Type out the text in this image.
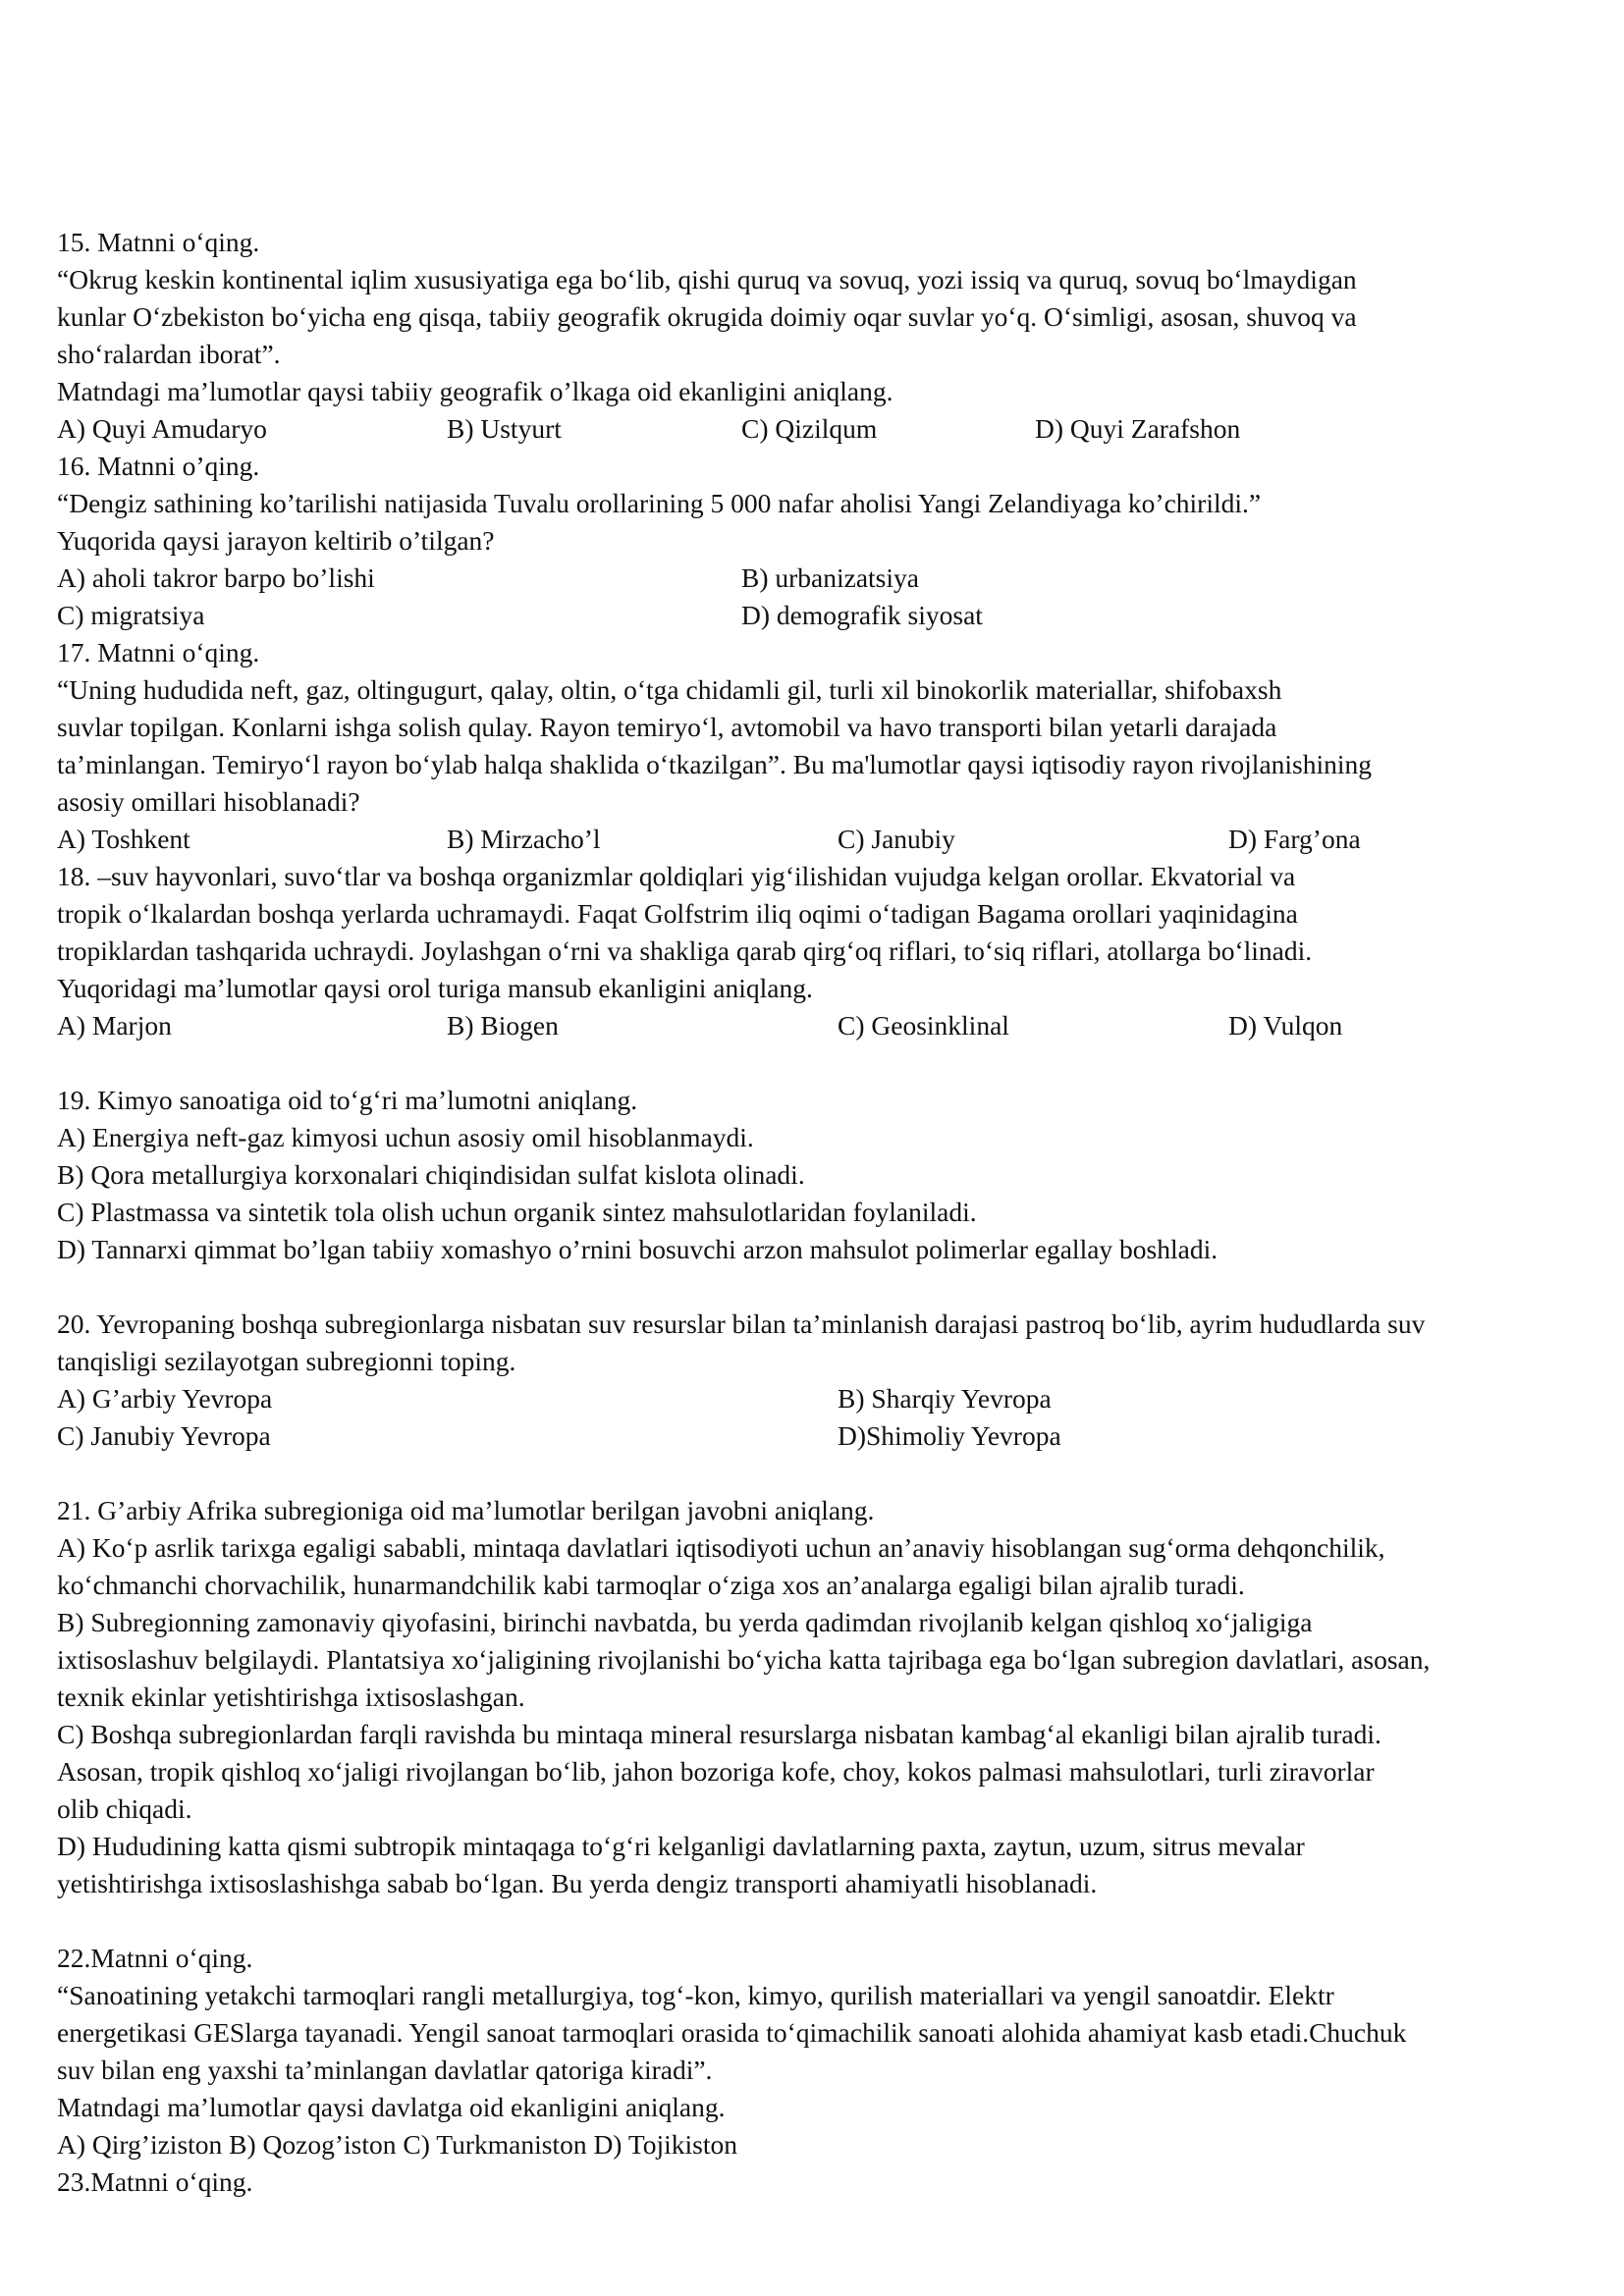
15. Matnni o‘qing.
“Okrug keskin kontinental iqlim xususiyatiga ega bo‘lib, qishi quruq va sovuq, yozi issiq va quruq, sovuq bo‘lmaydigan
kunlar O‘zbekiston bo‘yicha eng qisqa, tabiiy geografik okrugida doimiy oqar suvlar yo‘q. O‘simligi, asosan, shuvoq va
sho‘ralardan iborat”.
Matndagi ma’lumotlar qaysi tabiiy geografik o’lkaga oid ekanligini aniqlang.
A) Quyi Amudaryo	B) Ustyurt	C) Qizilqum	D) Quyi Zarafshon
16. Matnni o’qing.
“Dengiz sathining ko’tarilishi natijasida Tuvalu orollarining 5 000 nafar aholisi Yangi Zelandiyaga ko’chirildi.”
Yuqorida qaysi jarayon keltirib o’tilgan?
A) aholi takror barpo bo’lishi	B) urbanizatsiya
C) migratsiya	D) demografik siyosat
17. Matnni o‘qing.
“Uning hududida neft, gaz, oltingugurt, qalay, oltin, o‘tga chidamli gil, turli xil binokorlik materiallar, shifobaxsh
suvlar topilgan. Konlarni ishga solish qulay. Rayon temiryo‘l, avtomobil va havo transporti bilan yetarli darajada
ta’minlangan. Temiryo‘l rayon bo‘ylab halqa shaklida o‘tkazilgan”. Bu ma'lumotlar qaysi iqtisodiy rayon rivojlanishining
asosiy omillari hisoblanadi?
A) Toshkent	B) Mirzacho’l	C) Janubiy	D) Farg’ona
18. –suv hayvonlari, suvo‘tlar va boshqa organizmlar qoldiqlari yig‘ilishidan vujudga kelgan orollar. Ekvatorial va
tropik o‘lkalardan boshqa yerlarda uchramaydi. Faqat Golfstrim iliq oqimi o‘tadigan Bagama orollari yaqinidagina
tropiklardan tashqarida uchraydi. Joylashgan o‘rni va shakliga qarab qirg‘oq riflari, to‘siq riflari, atollarga bo‘linadi.
Yuqoridagi ma’lumotlar qaysi orol turiga mansub ekanligini aniqlang.
A) Marjon	B) Biogen	C) Geosinklinal	D) Vulqon
19. Kimyo sanoatiga oid to‘g‘ri ma’lumotni aniqlang.
A) Energiya neft-gaz kimyosi uchun asosiy omil hisoblanmaydi.
B) Qora metallurgiya korxonalari chiqindisidan sulfat kislota olinadi.
C) Plastmassa va sintetik tola olish uchun organik sintez mahsulotlaridan foylaniladi.
D) Tannarxi qimmat bo’lgan tabiiy xomashyo o’rnini bosuvchi arzon mahsulot polimerlar egallay boshladi.
20. Yevropaning boshqa subregionlarga nisbatan suv resurslar bilan ta’minlanish darajasi pastroq bo‘lib, ayrim hududlarda suv
tanqisligi sezilayotgan subregionni toping.
A) G’arbiy Yevropa	B) Sharqiy Yevropa
C) Janubiy Yevropa	D)Shimoliy Yevropa
21. G’arbiy Afrika subregioniga oid ma’lumotlar berilgan javobni aniqlang.
A) Ko‘p asrlik tarixga egaligi sababli, mintaqa davlatlari iqtisodiyoti uchun an’anaviy hisoblangan sug‘orma dehqonchilik,
ko‘chmanchi chorvachilik, hunarmandchilik kabi tarmoqlar o‘ziga xos an’analarga egaligi bilan ajralib turadi.
B) Subregionning zamonaviy qiyofasini, birinchi navbatda, bu yerda qadimdan rivojlanib kelgan qishloq xo‘jaligiga
ixtisoslashuv belgilaydi. Plantatsiya xo‘jaligining rivojlanishi bo‘yicha katta tajribaga ega bo‘lgan subregion davlatlari, asosan,
texnik ekinlar yetishtirishga ixtisoslashgan.
C) Boshqa subregionlardan farqli ravishda bu mintaqa mineral resurslarga nisbatan kambag‘al ekanligi bilan ajralib turadi.
Asosan, tropik qishloq xo‘jaligi rivojlangan bo‘lib, jahon bozoriga kofe, choy, kokos palmasi mahsulotlari, turli ziravorlar
olib chiqadi.
D) Hududining katta qismi subtropik mintaqaga to‘g‘ri kelganligi davlatlarning paxta, zaytun, uzum, sitrus mevalar
yetishtirishga ixtisoslashishga sabab bo‘lgan. Bu yerda dengiz transporti ahamiyatli hisoblanadi.
22.Matnni o‘qing.
“Sanoatining yetakchi tarmoqlari rangli metallurgiya, tog‘-kon, kimyo, qurilish materiallari va yengil sanoatdir. Elektr
energetikasi GESlarga tayanadi. Yengil sanoat tarmoqlari orasida to‘qimachilik sanoati alohida ahamiyat kasb etadi.Chuchuk
suv bilan eng yaxshi ta’minlangan davlatlar qatoriga kiradi”.
Matndagi ma’lumotlar qaysi davlatga oid ekanligini aniqlang.
A) Qirg’iziston B) Qozog’iston C) Turkmaniston D) Tojikiston
23.Matnni o‘qing.
